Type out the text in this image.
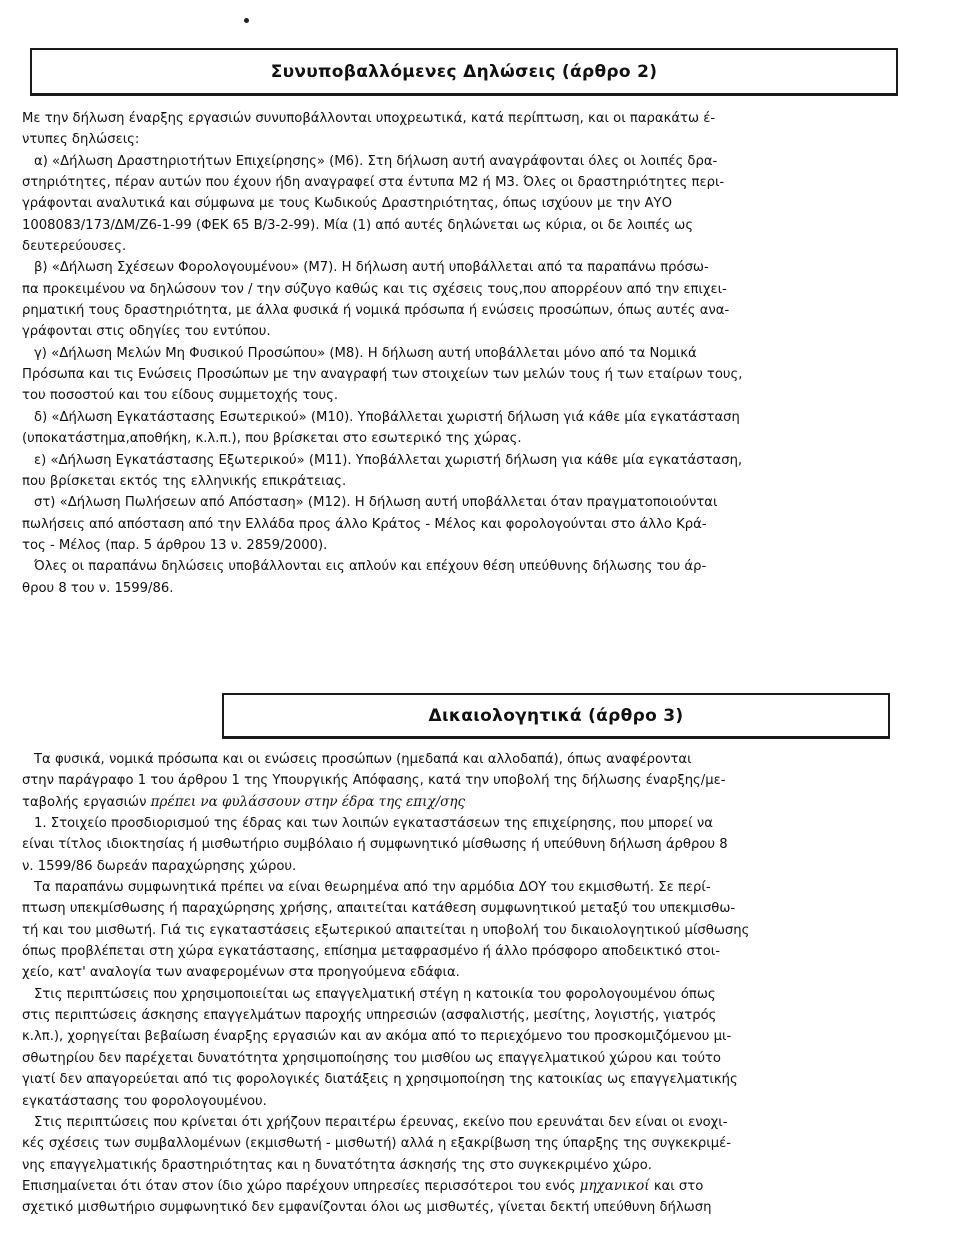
Συνυποβαλλόμενες Δηλώσεις (άρθρο 2)
Με την δήλωση έναρξης εργασιών συνυποβάλλονται υποχρεωτικά, κατά περίπτωση, και οι παρακάτω έ-
ντυπες δηλώσεις:
α) «Δήλωση Δραστηριοτήτων Επιχείρησης» (Μ6). Στη δήλωση αυτή αναγράφονται όλες οι λοιπές δρα-
στηριότητες, πέραν αυτών που έχουν ήδη αναγραφεί στα έντυπα Μ2 ή Μ3. Όλες οι δραστηριότητες περι-
γράφονται αναλυτικά και σύμφωνα με τους Κωδικούς Δραστηριότητας, όπως ισχύουν με την ΑΥΟ
1008083/173/ΔΜ/Ζ6-1-99 (ΦΕΚ 65 Β/3-2-99). Μία (1) από αυτές δηλώνεται ως κύρια, οι δε λοιπές ως
δευτερεύουσες.
β) «Δήλωση Σχέσεων Φορολογουμένου» (Μ7). Η δήλωση αυτή υποβάλλεται από τα παραπάνω πρόσω-
πα προκειμένου να δηλώσουν τον / την σύζυγο καθώς και τις σχέσεις τους,που απορρέουν από την επιχει-
ρηματική τους δραστηριότητα, με άλλα φυσικά ή νομικά πρόσωπα ή ενώσεις προσώπων, όπως αυτές ανα-
γράφονται στις οδηγίες του εντύπου.
γ) «Δήλωση Μελών Μη Φυσικού Προσώπου» (Μ8). Η δήλωση αυτή υποβάλλεται μόνο από τα Νομικά
Πρόσωπα και τις Ενώσεις Προσώπων με την αναγραφή των στοιχείων των μελών τους ή των εταίρων τους,
του ποσοστού και του είδους συμμετοχής τους.
δ) «Δήλωση Εγκατάστασης Εσωτερικού» (Μ10). Υποβάλλεται χωριστή δήλωση γιά κάθε μία εγκατάσταση
(υποκατάστημα,αποθήκη, κ.λ.π.), που βρίσκεται στο εσωτερικό της χώρας.
ε) «Δήλωση Εγκατάστασης Εξωτερικού» (Μ11). Υποβάλλεται χωριστή δήλωση για κάθε μία εγκατάσταση,
που βρίσκεται εκτός της ελληνικής επικράτειας.
στ) «Δήλωση Πωλήσεων από Απόσταση» (Μ12). Η δήλωση αυτή υποβάλλεται όταν πραγματοποιούνται
πωλήσεις από απόσταση από την Ελλάδα προς άλλο Κράτος - Μέλος και φορολογούνται στο άλλο Κρά-
τος - Μέλος (παρ. 5 άρθρου 13 ν. 2859/2000).
Όλες οι παραπάνω δηλώσεις υποβάλλονται εις απλούν και επέχουν θέση υπεύθυνης δήλωσης του άρ-
θρου 8 του ν. 1599/86.
Δικαιολογητικά (άρθρο 3)
Τα φυσικά, νομικά πρόσωπα και οι ενώσεις προσώπων (ημεδαπά και αλλοδαπά), όπως αναφέρονται
στην παράγραφο 1 του άρθρου 1 της Υπουργικής Απόφασης, κατά την υποβολή της δήλωσης έναρξης/με-
ταβολής εργασιών πρέπει να φυλάσσουν στην έδρα της επιχ/σης
1. Στοιχείο προσδιορισμού της έδρας και των λοιπών εγκαταστάσεων της επιχείρησης, που μπορεί να
είναι τίτλος ιδιοκτησίας ή μισθωτήριο συμβόλαιο ή συμφωνητικό μίσθωσης ή υπεύθυνη δήλωση άρθρου 8
ν. 1599/86 δωρεάν παραχώρησης χώρου.
Τα παραπάνω συμφωνητικά πρέπει να είναι θεωρημένα από την αρμόδια ΔΟΥ του εκμισθωτή. Σε περί-
πτωση υπεκμίσθωσης ή παραχώρησης χρήσης, απαιτείται κατάθεση συμφωνητικού μεταξύ του υπεκμισθω-
τή και του μισθωτή. Γιά τις εγκαταστάσεις εξωτερικού απαιτείται η υποβολή του δικαιολογητικού μίσθωσης
όπως προβλέπεται στη χώρα εγκατάστασης, επίσημα μεταφρασμένο ή άλλο πρόσφορο αποδεικτικό στοι-
χείο, κατ' αναλογία των αναφερομένων στα προηγούμενα εδάφια.
Στις περιπτώσεις που χρησιμοποιείται ως επαγγελματική στέγη η κατοικία του φορολογουμένου όπως
στις περιπτώσεις άσκησης επαγγελμάτων παροχής υπηρεσιών (ασφαλιστής, μεσίτης, λογιστής, γιατρός
κ.λπ.), χορηγείται βεβαίωση έναρξης εργασιών και αν ακόμα από το περιεχόμενο του προσκομιζόμενου μι-
σθωτηρίου δεν παρέχεται δυνατότητα χρησιμοποίησης του μισθίου ως επαγγελματικού χώρου και τούτο
γιατί δεν απαγορεύεται από τις φορολογικές διατάξεις η χρησιμοποίηση της κατοικίας ως επαγγελματικής
εγκατάστασης του φορολογουμένου.
Στις περιπτώσεις που κρίνεται ότι χρήζουν περαιτέρω έρευνας, εκείνο που ερευνάται δεν είναι οι ενοχι-
κές σχέσεις των συμβαλλομένων (εκμισθωτή - μισθωτή) αλλά η εξακρίβωση της ύπαρξης της συγκεκριμέ-
νης επαγγελματικής δραστηριότητας και η δυνατότητα άσκησής της στο συγκεκριμένο χώρο.
Επισημαίνεται ότι όταν στον ίδιο χώρο παρέχουν υπηρεσίες περισσότεροι του ενός μηχανικοί και στο
σχετικό μισθωτήριο συμφωνητικό δεν εμφανίζονται όλοι ως μισθωτές, γίνεται δεκτή υπεύθυνη δήλωση
